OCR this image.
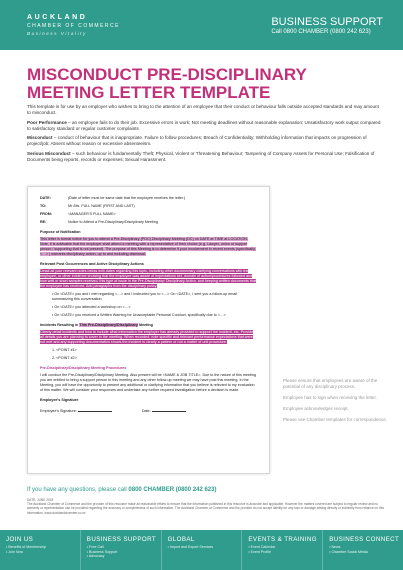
AUCKLAND
CHAMBER OF COMMERCE
Business Vitality
BUSINESS SUPPORT
Call 0800 CHAMBER (0800 242 623)
MISCONDUCT PRE-DISCIPLINARY MEETING LETTER TEMPLATE

This template is for use by an employer who wishes to bring to the attention of an employee that their conduct or behaviour falls outside accepted standards and may amount to misconduct.

Poor Performance – an employee fails to do their job. Excessive errors in work; Not meeting deadlines without reasonable explanation; Unsatisfactory work output compared to satisfactory standard or regular customer complaints

Misconduct – conduct of behaviour that is inappropriate. Failure to follow procedures; Breach of Confidentiality; Withholding information that impacts on progression of project/job; Absent without reason or excessive absenteeism.

Serious Misconduct – such behaviour is fundamentally Theft; Physical, Violent or Threatening Behaviour; Tampering of Company Assets for Personal Use; Falsification of Documents being reports, records or expenses; Sexual Harassment.

DATE:	(Date of letter must be same date that the employee receives the letter.)
TO:	Mr /Ms. FULL NAME (FIRST AND LAST)
FROM:	<MANAGER'S FULL NAME>
RE:	Notice to Attend a Pre-Disciplinary/Disciplinary Meeting
Purpose of Notification

This letter is formal notice for you to attend a Pre-Disciplinary (PDC) Disciplinary Meeting (DC) on DATE at TIME at LOCATION. Note, it is advisable that the employer shall attend a meeting with a representative of their choice (e.g. Lawyer, union or support person / supporting that is not present). The purpose of this Meeting is to determine if your involvement in recent events (specifically, <…> ) warrants disciplinary action, up to and including dismissal.

Relevant Post Occurrences and Active Disciplinary Actions

Detail all your relevant notes below with dates regarding this topic, including other documentary clarifying conversations with the employee, or other evidence showing that the employee was aware of expectations set, domain of action/procedures followed and how well or short samples received, this type of issue in the Pre-Disciplinary/ Disciplinary Action, and keeping written documents that the employee has received. Add paragraphs from the disciplinary policy.

• On <DATE> you and I met regarding <…> and I instructed you to <…> On <DATE>, I sent you a follow-up email summarizing this conversation
• On <DATE> you attended a workshop on <…>
• On <DATE> you received a Written Warning for Unacceptable Personal Conduct, specifically due to <…>
Incidents Resulting in This Pre-Disciplinary/Disciplinary Meeting

Clearly detail incidents and how to include what information the employer has already provided to support the incident, etc. Provide all details you are planning to cover in the meeting. When recorded, note specific and relevant performance expectations that were not met and any supporting documentation shows the incident is clearly a pattern or not a matter of unit procedure.

1. <POINT #1>
2. <POINT #2>
Pre-Disciplinary/Disciplinary Meeting Procedures

I will conduct the Pre-Disciplinary/Disciplinary Meeting. Also present will be <NAME & JOB TITLE>. Due to the nature of this meeting you are entitled to bring a support person to this meeting and any other follow-up meeting we may have post this meeting. In the Meeting, you will have the opportunity to present any additional or clarifying information that you believe is relevant to my evaluation of this matter. We will consider your responses and undertake any further required investigation before a decision is made.

Employee's Signature
Employee's Signature:	Date:

Please ensure that employees are aware of the potential of any disciplinary process.

Employee has to sign when receiving the letter.

Employee acknowledges receipt.

Please use Chamber templates for correspondence.

If you have any questions, please call 0800 CHAMBER (0800 242 623)
DATE: JUNE 2015
The Auckland Chamber of Commerce and the provider of this resource make all reasonable efforts to ensure that the information published in this resource is accurate and applicable. However the matters covered are subject to regular review and no warranty or representation can be provided regarding the accuracy or completeness of such information. The Auckland Chamber of Commerce and the provider do not accept liability for any loss or damage arising directly or indirectly from reliance on this information. www.aucklandchamber.co.nz
JOIN US
• Benefits of Membership
• Join Now
BUSINESS SUPPORT
• Free Call
• Business Support
• Advocacy
GLOBAL
• Import and Export Services
EVENTS & TRAINING
• Event Calendar
• Event Profile
BUSINESS CONNECT
• News
• Chamber Social Media
